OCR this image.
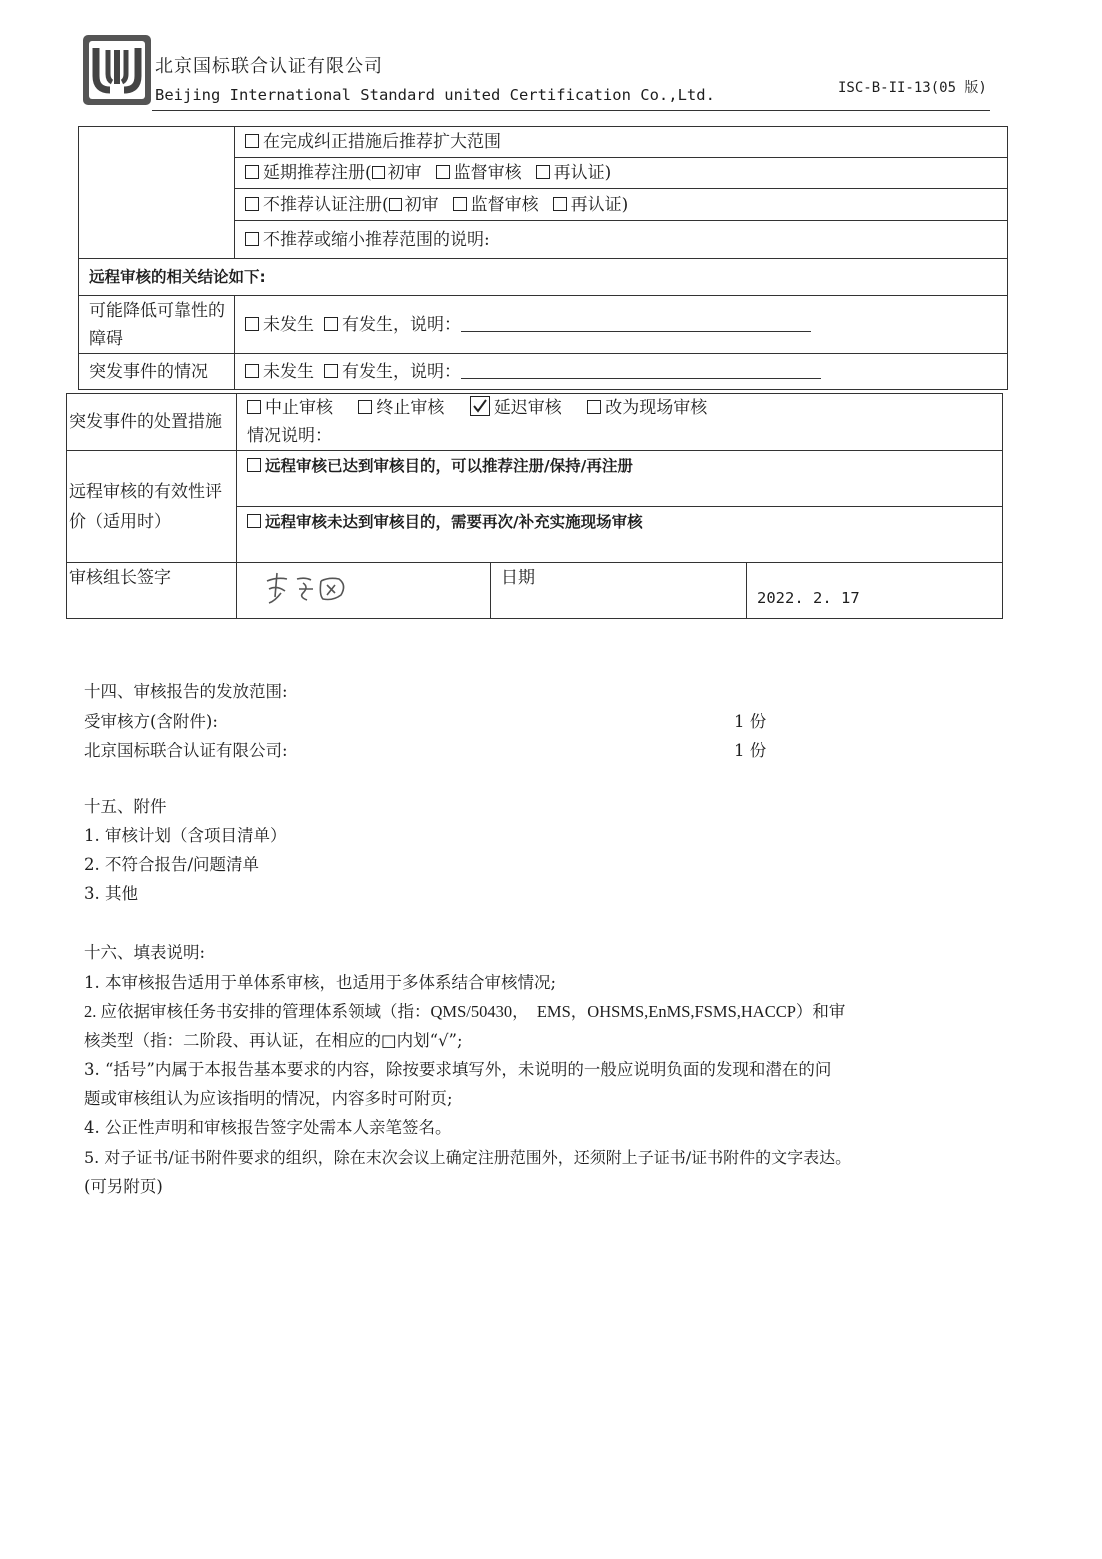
北京国标联合认证有限公司
Beijing International Standard united Certification Co.,Ltd.	ISC-B-II-13(05 版)
	在完成纠正措施后推荐扩大范围
	延期推荐注册( 初审 监督审核 再认证)
	不推荐认证注册( 初审 监督审核 再认证)
	不推荐或缩小推荐范围的说明:
远程审核的相关结论如下:	
可能降低可靠性的障碍	未发生 有发生，说明：
突发事件的情况	未发生 有发生，说明：
突发事件的处置措施	中止审核 终止审核 延迟审核 改为现场审核
情况说明：		

远程审核的有效性评价（适用时）	远程审核已达到审核目的，可以推荐注册/保持/再注册		
	远程审核未达到审核目的，需要再次/补充实施现场审核		
审核组长签字		日期	2022. 2. 17
十四、审核报告的发放范围:
受审核方(含附件):	1 份
北京国标联合认证有限公司:	1 份
十五、附件
1. 审核计划（含项目清单）
2. 不符合报告/问题清单
3. 其他
十六、填表说明:
1. 本审核报告适用于单体系审核，也适用于多体系结合审核情况;
2. 应依据审核任务书安排的管理体系领域（指：QMS/50430，  EMS，OHSMS,EnMS,FSMS,HACCP）和审
核类型（指：二阶段、再认证，在相应的□内划“√”;
3. “括号”内属于本报告基本要求的内容，除按要求填写外，未说明的一般应说明负面的发现和潜在的问
题或审核组认为应该指明的情况，内容多时可附页;
4. 公正性声明和审核报告签字处需本人亲笔签名。
5. 对子证书/证书附件要求的组织，除在末次会议上确定注册范围外，还须附上子证书/证书附件的文字表达。
(可另附页)
